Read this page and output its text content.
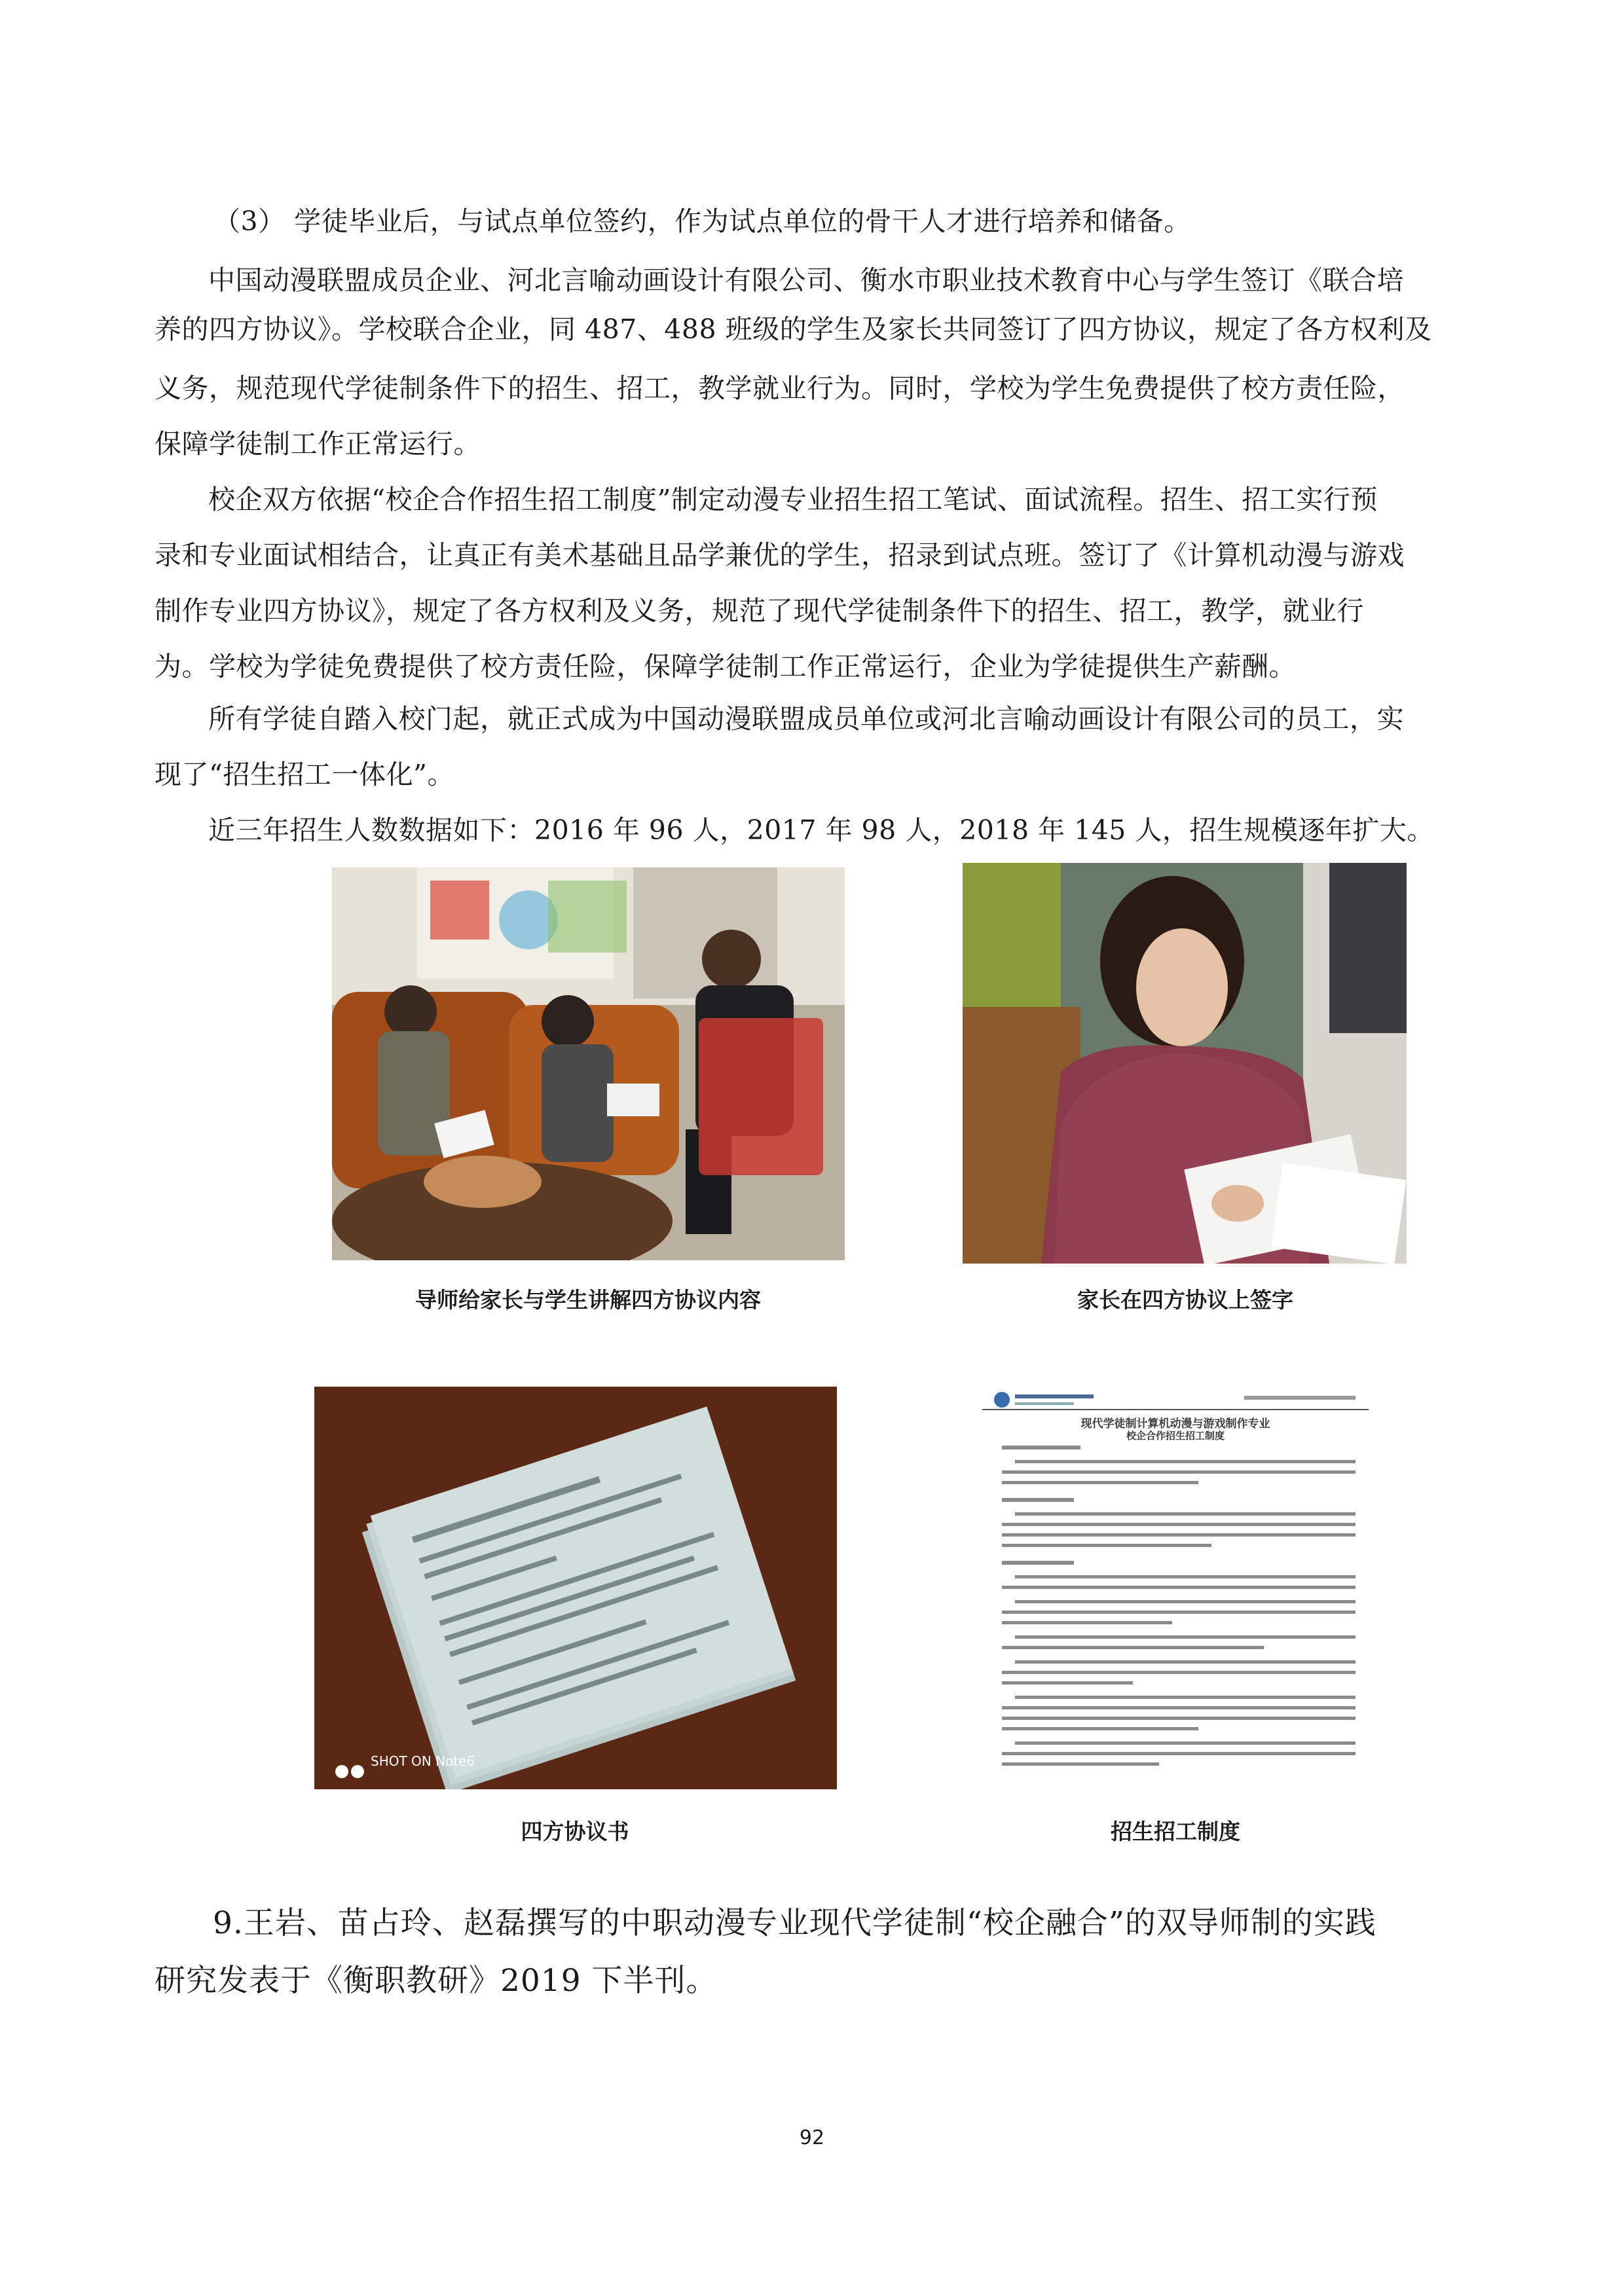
（3） 学徒毕业后，与试点单位签约，作为试点单位的骨干人才进行培养和储备。
中国动漫联盟成员企业、河北言喻动画设计有限公司、衡水市职业技术教育中心与学生签订《联合培
养的四方协议》。学校联合企业，同 487、488 班级的学生及家长共同签订了四方协议，规定了各方权利及
义务，规范现代学徒制条件下的招生、招工，教学就业行为。同时，学校为学生免费提供了校方责任险，
保障学徒制工作正常运行。
校企双方依据“校企合作招生招工制度”制定动漫专业招生招工笔试、面试流程。招生、招工实行预
录和专业面试相结合，让真正有美术基础且品学兼优的学生，招录到试点班。签订了《计算机动漫与游戏
制作专业四方协议》，规定了各方权利及义务，规范了现代学徒制条件下的招生、招工，教学，就业行
为。学校为学徒免费提供了校方责任险，保障学徒制工作正常运行，企业为学徒提供生产薪酬。
所有学徒自踏入校门起，就正式成为中国动漫联盟成员单位或河北言喻动画设计有限公司的员工，实
现了“招生招工一体化”。
近三年招生人数数据如下：2016 年 96 人，2017 年 98 人，2018 年 145 人，招生规模逐年扩大。
导师给家长与学生讲解四方协议内容	家长在四方协议上签字
SHOT ON Note6
四方协议书
现代学徒制计算机动漫与游戏制作专业
校企合作招生招工制度
招生招工制度
9.王岩、苗占玲、赵磊撰写的中职动漫专业现代学徒制“校企融合”的双导师制的实践
研究发表于《衡职教研》2019 下半刊。
92
